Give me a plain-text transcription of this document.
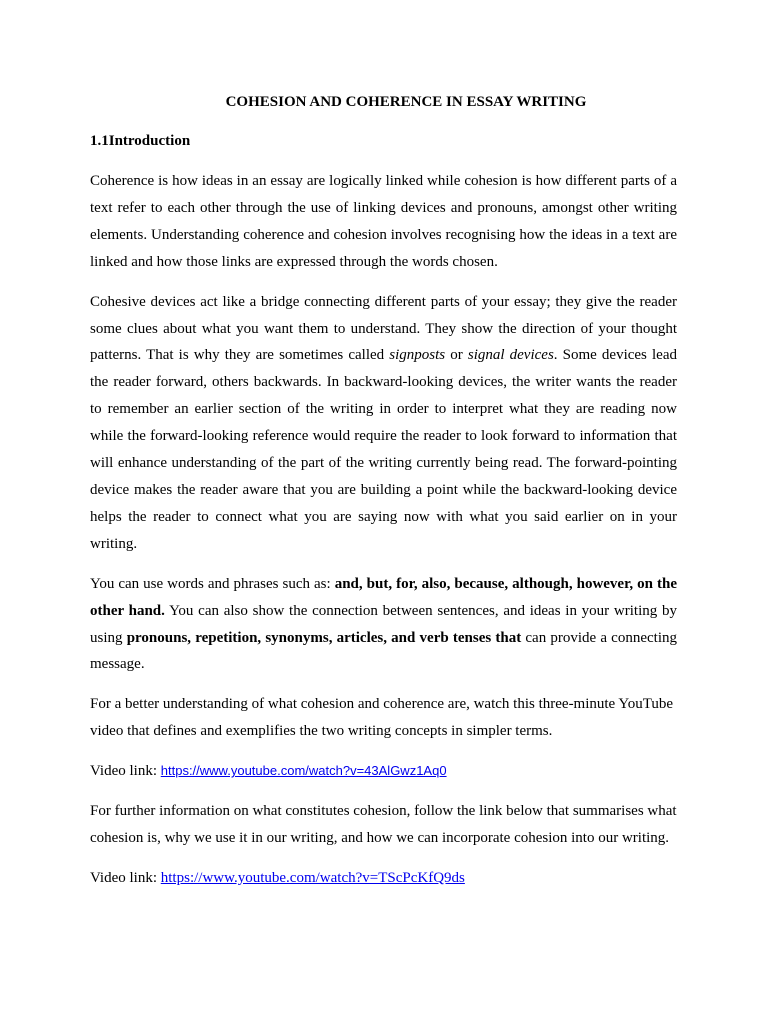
COHESION AND COHERENCE IN ESSAY WRITING
1.1Introduction

Coherence is how ideas in an essay are logically linked while cohesion is how different parts of a text refer to each other through the use of linking devices and pronouns, amongst other writing elements. Understanding coherence and cohesion involves recognising how the ideas in a text are linked and how those links are expressed through the words chosen.

Cohesive devices act like a bridge connecting different parts of your essay; they give the reader some clues about what you want them to understand. They show the direction of your thought patterns. That is why they are sometimes called signposts or signal devices. Some devices lead the reader forward, others backwards. In backward-looking devices, the writer wants the reader to remember an earlier section of the writing in order to interpret what they are reading now while the forward-looking reference would require the reader to look forward to information that will enhance understanding of the part of the writing currently being read. The forward-pointing device makes the reader aware that you are building a point while the backward-looking device helps the reader to connect what you are saying now with what you said earlier on in your writing.

You can use words and phrases such as: and, but, for, also, because, although, however, on the other hand. You can also show the connection between sentences, and ideas in your writing by using pronouns, repetition, synonyms, articles, and verb tenses that can provide a connecting message.

For a better understanding of what cohesion and coherence are, watch this three-minute YouTube video that defines and exemplifies the two writing concepts in simpler terms.

Video link: https://www.youtube.com/watch?v=43AlGwz1Aq0

For further information on what constitutes cohesion, follow the link below that summarises what cohesion is, why we use it in our writing, and how we can incorporate cohesion into our writing.

Video link: https://www.youtube.com/watch?v=TScPcKfQ9ds
